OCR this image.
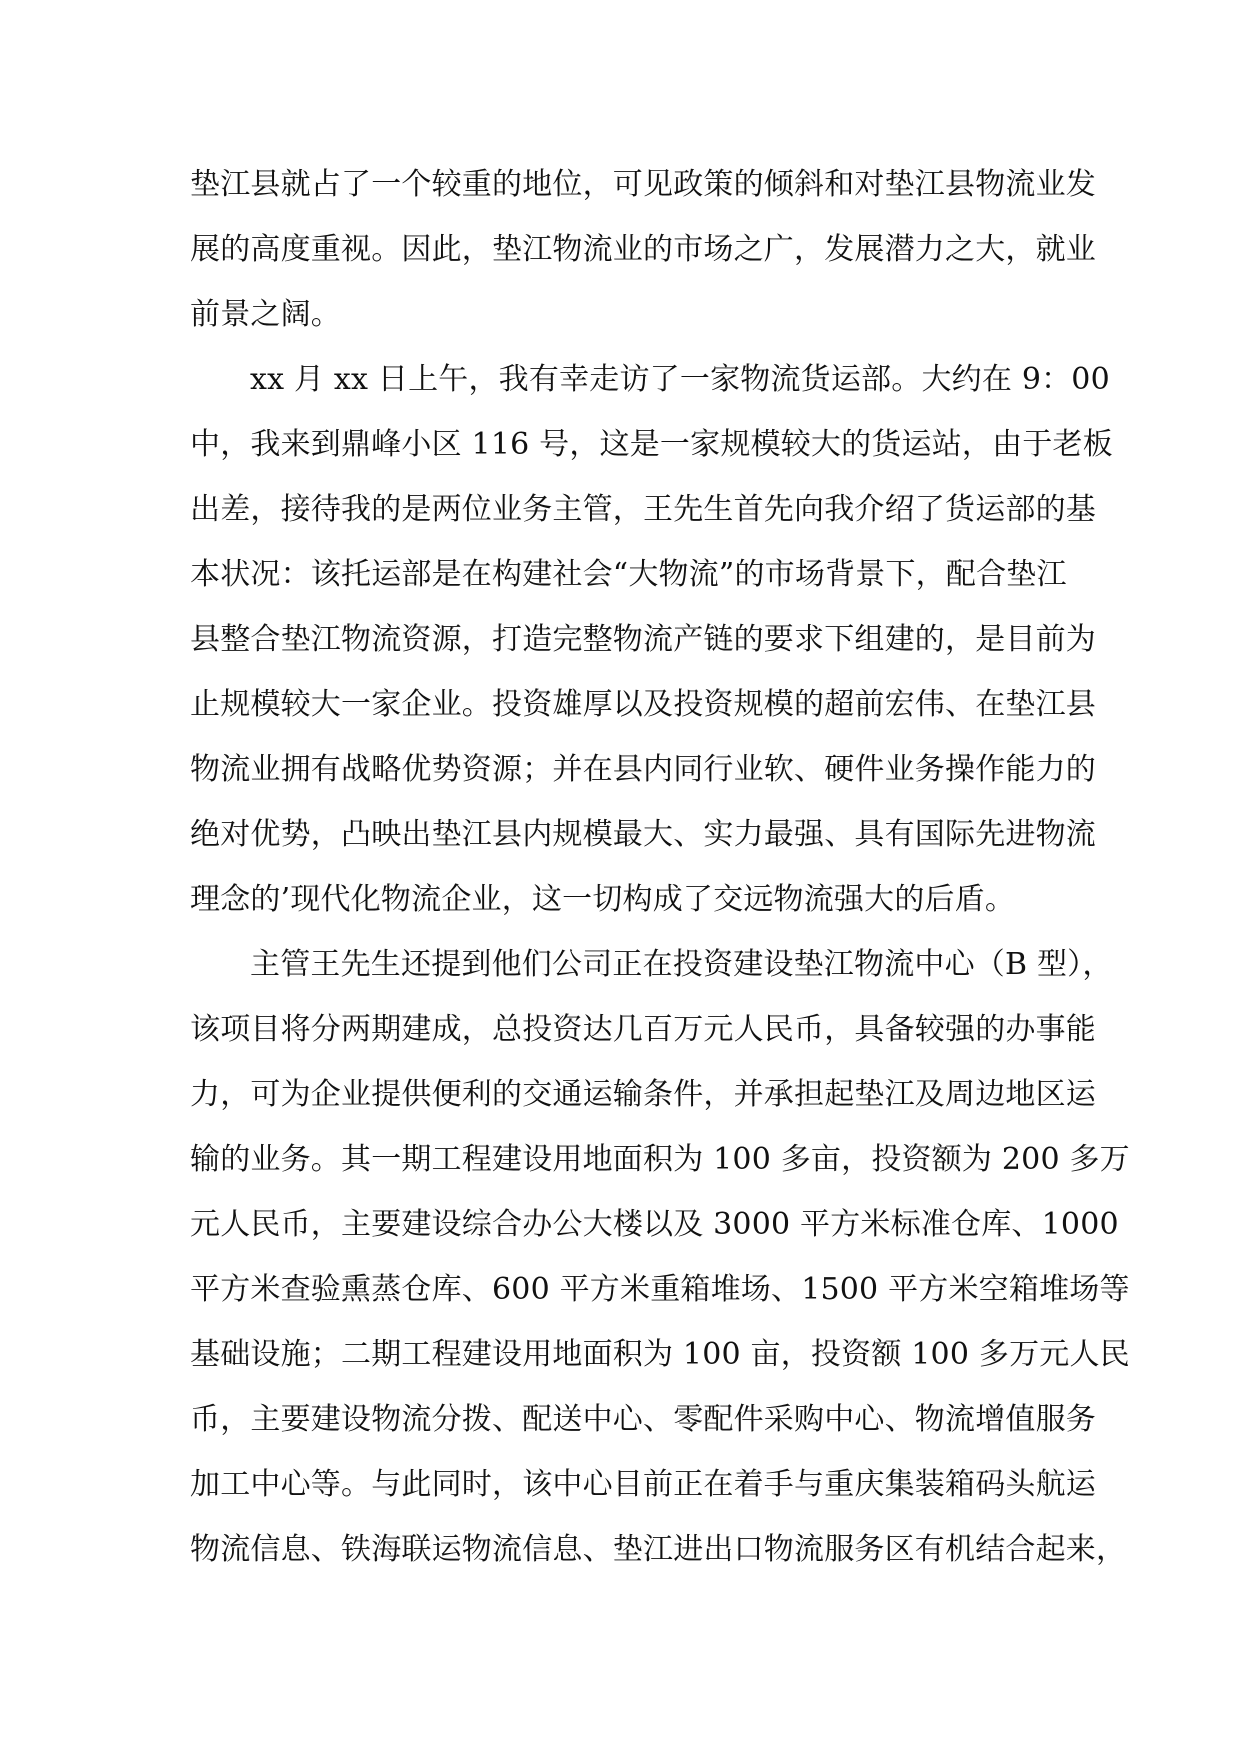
垫江县就占了一个较重的地位，可见政策的倾斜和对垫江县物流业发
展的高度重视。因此，垫江物流业的市场之广，发展潜力之大，就业
前景之阔。
xx 月 xx 日上午，我有幸走访了一家物流货运部。大约在 9：00
中，我来到鼎峰小区 116 号，这是一家规模较大的货运站，由于老板
出差，接待我的是两位业务主管，王先生首先向我介绍了货运部的基
本状况：该托运部是在构建社会“大物流”的市场背景下，配合垫江
县整合垫江物流资源，打造完整物流产链的要求下组建的，是目前为
止规模较大一家企业。投资雄厚以及投资规模的超前宏伟、在垫江县
物流业拥有战略优势资源；并在县内同行业软、硬件业务操作能力的
绝对优势，凸映出垫江县内规模最大、实力最强、具有国际先进物流
理念的’现代化物流企业，这一切构成了交远物流强大的后盾。
主管王先生还提到他们公司正在投资建设垫江物流中心（B 型），
该项目将分两期建成，总投资达几百万元人民币，具备较强的办事能
力，可为企业提供便利的交通运输条件，并承担起垫江及周边地区运
输的业务。其一期工程建设用地面积为 100 多亩，投资额为 200 多万
元人民币，主要建设综合办公大楼以及 3000 平方米标准仓库、1000
平方米查验熏蒸仓库、600 平方米重箱堆场、1500 平方米空箱堆场等
基础设施；二期工程建设用地面积为 100 亩，投资额 100 多万元人民
币，主要建设物流分拨、配送中心、零配件采购中心、物流增值服务
加工中心等。与此同时，该中心目前正在着手与重庆集装箱码头航运
物流信息、铁海联运物流信息、垫江进出口物流服务区有机结合起来，
